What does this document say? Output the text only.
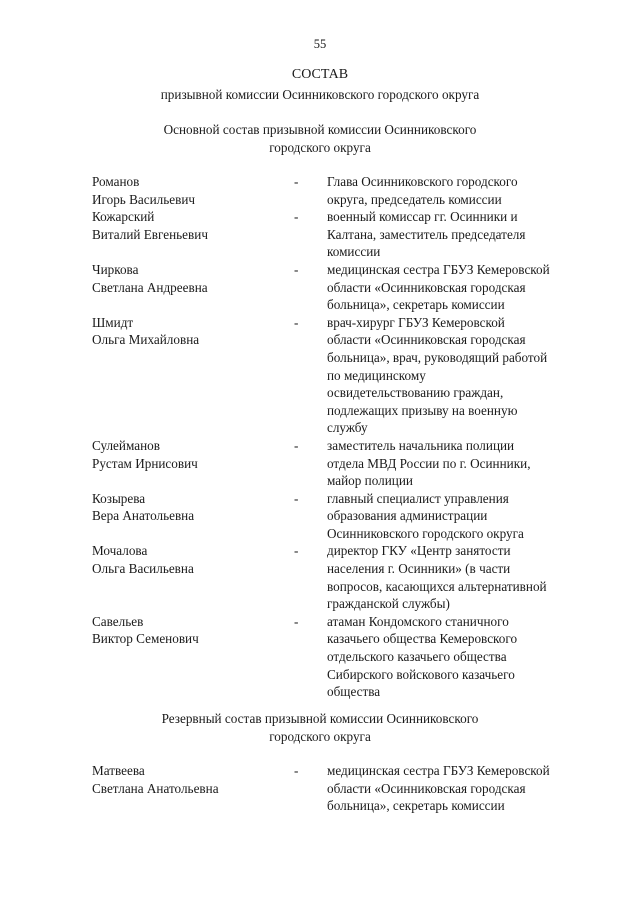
55
СОСТАВ
призывной комиссии Осинниковского городского округа
Основной состав призывной комиссии Осинниковского
городского округа
Романов
Игорь Васильевич
-	Глава Осинниковского городского
округа, председатель комиссии
Кожарский
Виталий Евгеньевич
-	военный комиссар гг. Осинники и
Калтана, заместитель председателя
комиссии
Чиркова
Светлана Андреевна
-	медицинская сестра ГБУЗ Кемеровской
области «Осинниковская городская
больница», секретарь комиссии
Шмидт
Ольга Михайловна
-	врач-хирург ГБУЗ Кемеровской
области «Осинниковская городская
больница», врач, руководящий работой
по медицинскому
освидетельствованию граждан,
подлежащих призыву на военную
службу
Сулейманов
Рустам Ирнисович
-	заместитель начальника полиции
отдела МВД России по г. Осинники,
майор полиции
Козырева
Вера Анатольевна
-	главный специалист управления
образования администрации
Осинниковского городского округа
Мочалова
Ольга Васильевна
-	директор ГКУ «Центр занятости
населения г. Осинники» (в части
вопросов, касающихся альтернативной
гражданской службы)
Савельев
Виктор Семенович
-	атаман Кондомского станичного
казачьего общества Кемеровского
отдельского казачьего общества
Сибирского войскового казачьего
общества
Резервный состав призывной комиссии Осинниковского
городского округа
Матвеева
Светлана Анатольевна
-	медицинская сестра ГБУЗ Кемеровской
области «Осинниковская городская
больница», секретарь комиссии
